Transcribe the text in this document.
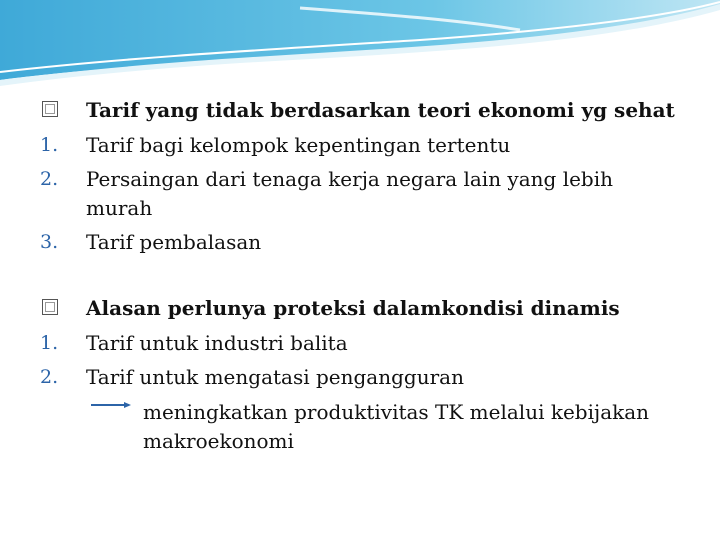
Tarif yang tidak berdasarkan teori ekonomi yg sehat
1. Tarif bagi kelompok kepentingan tertentu
2. Persaingan dari tenaga kerja negara lain yang lebih
murah
3. Tarif pembalasan
Alasan perlunya proteksi dalamkondisi dinamis
1. Tarif untuk industri balita
2. Tarif untuk mengatasi pengangguran
meningkatkan produktivitas TK melalui kebijakan
makroekonomi
